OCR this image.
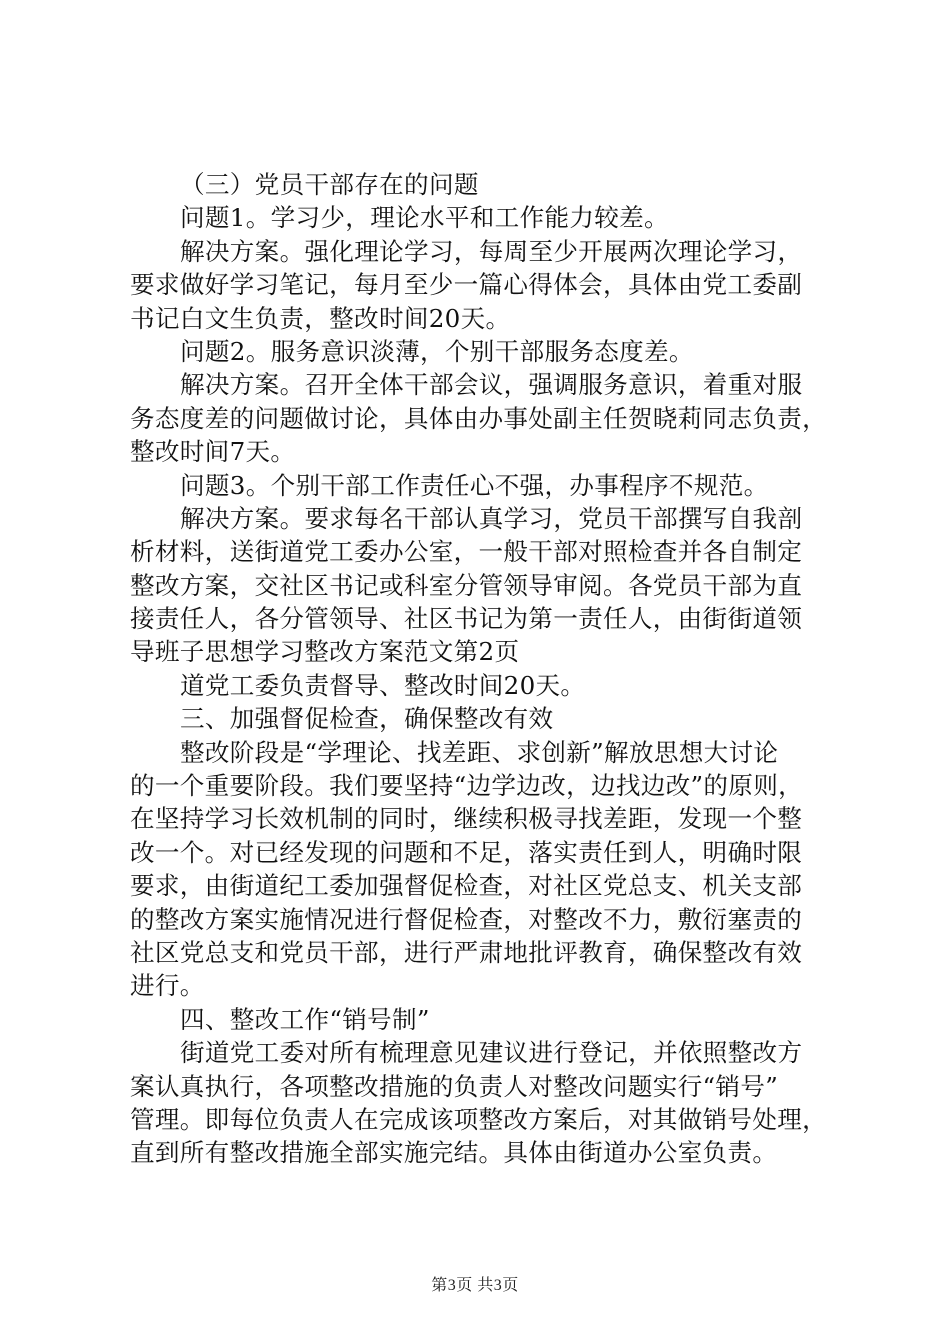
（三）党员干部存在的问题
问题1。学习少，理论水平和工作能力较差。
解决方案。强化理论学习，每周至少开展两次理论学习，
要求做好学习笔记，每月至少一篇心得体会，具体由党工委副
书记白文生负责，整改时间20天。
问题2。服务意识淡薄，个别干部服务态度差。
解决方案。召开全体干部会议，强调服务意识，着重对服
务态度差的问题做讨论，具体由办事处副主任贺晓莉同志负责，
整改时间7天。
问题3。个别干部工作责任心不强，办事程序不规范。
解决方案。要求每名干部认真学习，党员干部撰写自我剖
析材料，送街道党工委办公室，一般干部对照检查并各自制定
整改方案，交社区书记或科室分管领导审阅。各党员干部为直
接责任人，各分管领导、社区书记为第一责任人，由街街道领
导班子思想学习整改方案范文第2页
道党工委负责督导、整改时间20天。
三、加强督促检查，确保整改有效
整改阶段是“学理论、找差距、求创新”解放思想大讨论
的一个重要阶段。我们要坚持“边学边改，边找边改”的原则，
在坚持学习长效机制的同时，继续积极寻找差距，发现一个整
改一个。对已经发现的问题和不足，落实责任到人，明确时限
要求，由街道纪工委加强督促检查，对社区党总支、机关支部
的整改方案实施情况进行督促检查，对整改不力，敷衍塞责的
社区党总支和党员干部，进行严肃地批评教育，确保整改有效
进行。
四、整改工作“销号制”
街道党工委对所有梳理意见建议进行登记，并依照整改方
案认真执行，各项整改措施的负责人对整改问题实行“销号”
管理。即每位负责人在完成该项整改方案后，对其做销号处理，
直到所有整改措施全部实施完结。具体由街道办公室负责。
第3页 共3页
